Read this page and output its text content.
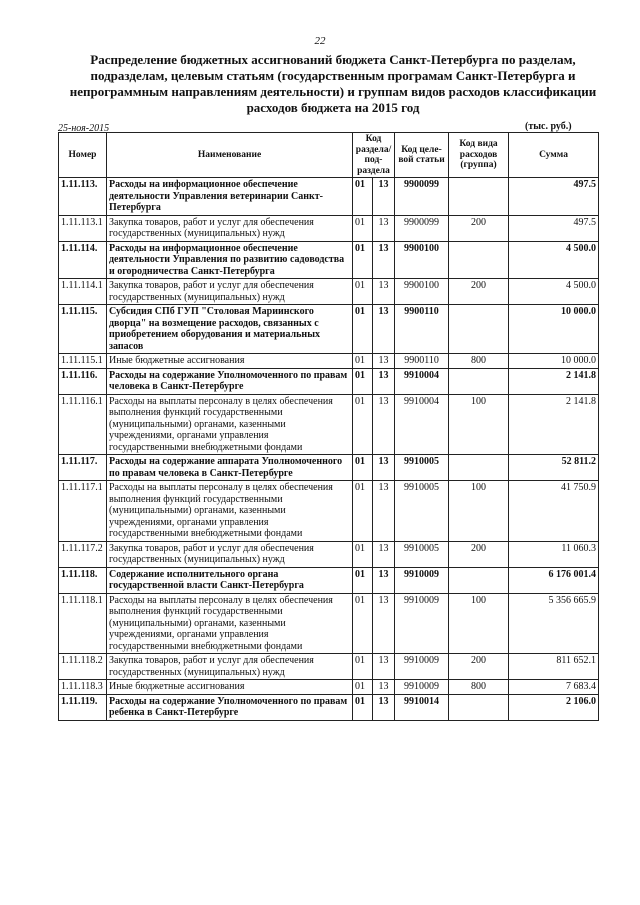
22
Распределение бюджетных ассигнований бюджета Санкт-Петербурга по разделам, подразделам, целевым статьям (государственным програмам Санкт-Петербурга и непрограммным направлениям деятельности) и группам видов расходов классификации расходов бюджета на 2015 год
25-ноя-2015	(тыс. руб.)
Номер	Наименование	Код раздела/ под-раздела		Код целе-вой статьи	Код вида расходов (группа)	Сумма
1.11.113.	Расходы на информационное обеспечение деятельности Управления ветеринарии Санкт-Петербурга	01	13	9900099		497.5
1.11.113.1	Закупка товаров, работ и услуг для обеспечения государственных (муниципальных) нужд	01	13	9900099	200	497.5
1.11.114.	Расходы на информационное обеспечение деятельности Управления по развитию садоводства и огородничества Санкт-Петербурга	01	13	9900100		4 500.0
1.11.114.1	Закупка товаров, работ и услуг для обеспечения государственных (муниципальных) нужд	01	13	9900100	200	4 500.0
1.11.115.	Субсидия СПб ГУП "Столовая Мариинского дворца" на возмещение расходов, связанных с приобретением оборудования и материальных запасов	01	13	9900110		10 000.0
1.11.115.1	Иные бюджетные ассигнования	01	13	9900110	800	10 000.0
1.11.116.	Расходы на содержание Уполномоченного по правам человека в Санкт-Петербурге	01	13	9910004		2 141.8
1.11.116.1	Расходы на выплаты персоналу в целях обеспечения выполнения функций государственными (муниципальными) органами, казенными учреждениями, органами управления государственными внебюджетными фондами	01	13	9910004	100	2 141.8
1.11.117.	Расходы на содержание аппарата Уполномоченного по правам человека в Санкт-Петербурге	01	13	9910005		52 811.2
1.11.117.1	Расходы на выплаты персоналу в целях обеспечения выполнения функций государственными (муниципальными) органами, казенными учреждениями, органами управления государственными внебюджетными фондами	01	13	9910005	100	41 750.9
1.11.117.2	Закупка товаров, работ и услуг для обеспечения государственных (муниципальных) нужд	01	13	9910005	200	11 060.3
1.11.118.	Содержание исполнительного органа государственной власти Санкт-Петербурга	01	13	9910009		6 176 001.4
1.11.118.1	Расходы на выплаты персоналу в целях обеспечения выполнения функций государственными (муниципальными) органами, казенными учреждениями, органами управления государственными внебюджетными фондами	01	13	9910009	100	5 356 665.9
1.11.118.2	Закупка товаров, работ и услуг для обеспечения государственных (муниципальных) нужд	01	13	9910009	200	811 652.1
1.11.118.3	Иные бюджетные ассигнования	01	13	9910009	800	7 683.4
1.11.119.	Расходы на содержание Уполномоченного по правам ребенка в Санкт-Петербурге	01	13	9910014		2 106.0
